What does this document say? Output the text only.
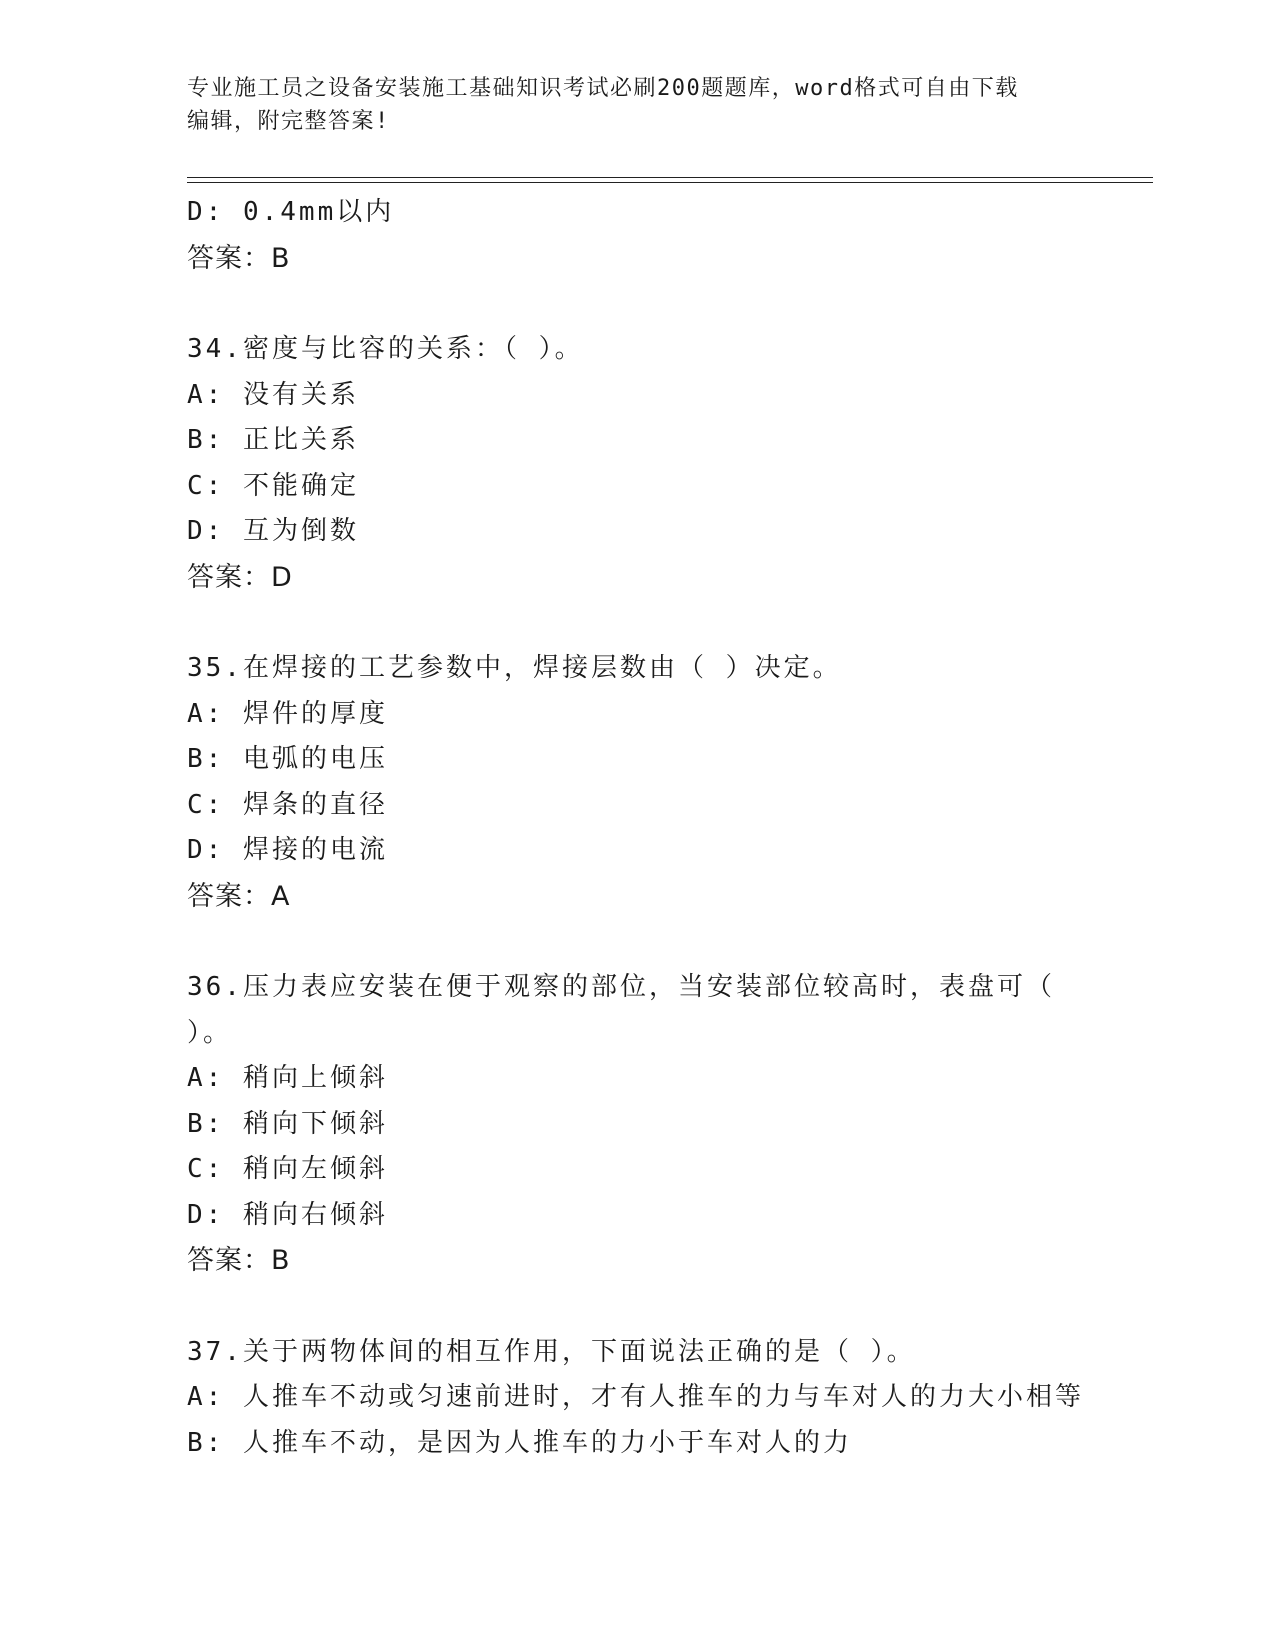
专业施工员之设备安装施工基础知识考试必刷200题题库，word格式可自由下载
编辑，附完整答案!
D: 0.4mm以内
答案：B
34.密度与比容的关系：（ ）。
A: 没有关系
B: 正比关系
C: 不能确定
D: 互为倒数
答案：D
35.在焊接的工艺参数中，焊接层数由（ ）决定。
A: 焊件的厚度
B: 电弧的电压
C: 焊条的直径
D: 焊接的电流
答案：A
36.压力表应安装在便于观察的部位，当安装部位较高时，表盘可（
）。
A: 稍向上倾斜
B: 稍向下倾斜
C: 稍向左倾斜
D: 稍向右倾斜
答案：B
37.关于两物体间的相互作用，下面说法正确的是（ ）。
A: 人推车不动或匀速前进时，才有人推车的力与车对人的力大小相等
B: 人推车不动，是因为人推车的力小于车对人的力
